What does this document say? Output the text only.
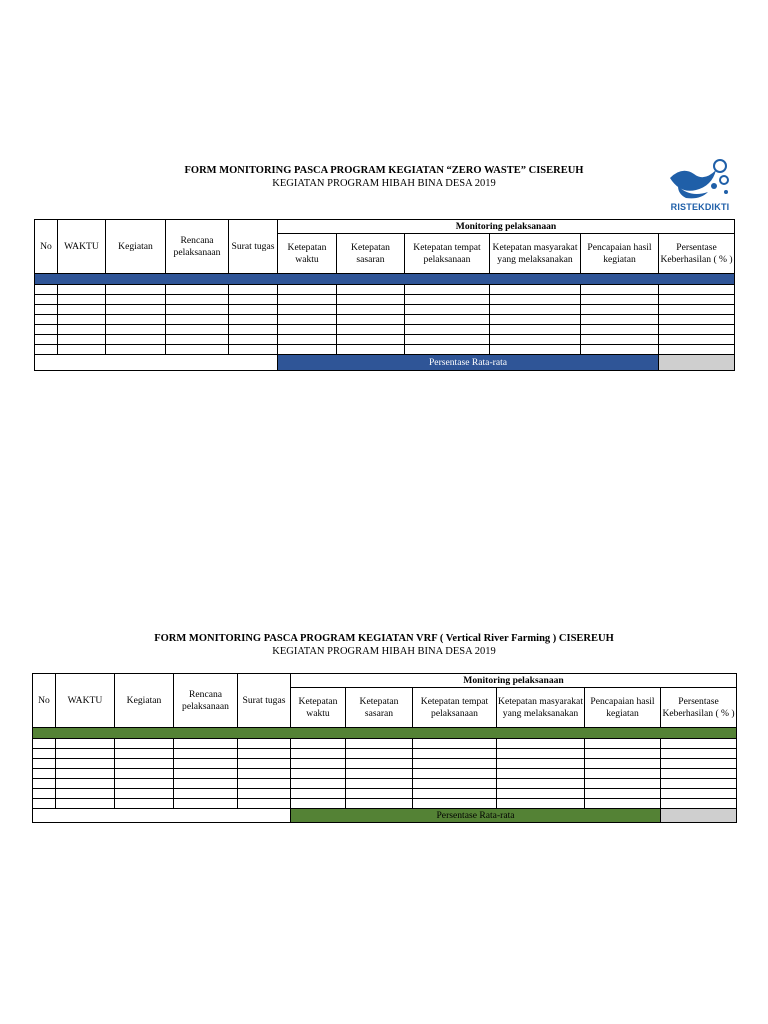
FORM MONITORING PASCA PROGRAM KEGIATAN “ZERO WASTE” CISEREUH
KEGIATAN PROGRAM HIBAH BINA DESA 2019
RISTEKDIKTI
No	WAKTU	Kegiatan	Rencana pelaksanaan	Surat tugas	Monitoring pelaksanaan					
					Ketepatan waktu	Ketepatan sasaran	Ketepatan tempat pelaksanaan	Ketepatan masyarakat yang melaksanakan	Pencapaian hasil kegiatan	Persentase Keberhasilan ( % )

					Persentase Rata-rata					
FORM MONITORING PASCA PROGRAM KEGIATAN VRF ( Vertical River Farming ) CISEREUH
KEGIATAN PROGRAM HIBAH BINA DESA 2019
No	WAKTU	Kegiatan	Rencana pelaksanaan	Surat tugas	Monitoring pelaksanaan					
					Ketepatan waktu	Ketepatan sasaran	Ketepatan tempat pelaksanaan	Ketepatan masyarakat yang melaksanakan	Pencapaian hasil kegiatan	Persentase Keberhasilan ( % )

					Persentase Rata-rata					
